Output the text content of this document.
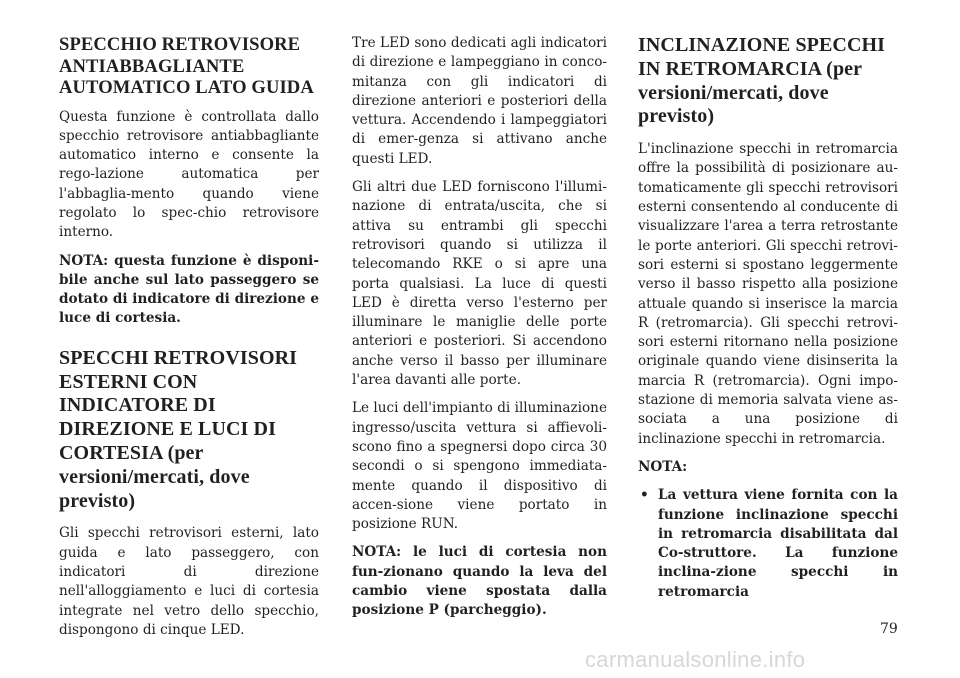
SPECCHIO RETROVISORE ANTIABBAGLIANTE AUTOMATICO LATO GUIDA

Questa funzione è controllata dallo specchio retrovisore antiabbagliante automatico interno e consente la rego-lazione automatica per l'abbaglia-mento quando viene regolato lo spec-chio retrovisore interno.

NOTA: questa funzione è disponi-bile anche sul lato passeggero se dotato di indicatore di direzione e luce di cortesia.

SPECCHI RETROVISORI ESTERNI CON INDICATORE DI DIREZIONE E LUCI DI CORTESIA (per versioni/mercati, dove previsto)

Gli specchi retrovisori esterni, lato guida e lato passeggero, con indicatori di direzione nell'alloggiamento e luci di cortesia integrate nel vetro dello specchio, dispongono di cinque LED.

Tre LED sono dedicati agli indicatori di direzione e lampeggiano in conco-mitanza con gli indicatori di direzione anteriori e posteriori della vettura. Accendendo i lampeggiatori di emer-genza si attivano anche questi LED.

Gli altri due LED forniscono l'illumi-nazione di entrata/uscita, che si attiva su entrambi gli specchi retrovisori quando si utilizza il telecomando RKE o si apre una porta qualsiasi. La luce di questi LED è diretta verso l'esterno per illuminare le maniglie delle porte anteriori e posteriori. Si accendono anche verso il basso per illuminare l'area davanti alle porte.

Le luci dell'impianto di illuminazione ingresso/uscita vettura si affievoli-scono fino a spegnersi dopo circa 30 secondi o si spengono immediata-mente quando il dispositivo di accen-sione viene portato in posizione RUN.

NOTA: le luci di cortesia non fun-zionano quando la leva del cambio viene spostata dalla posizione P (parcheggio).

INCLINAZIONE SPECCHI IN RETROMARCIA (per versioni/mercati, dove previsto)

L'inclinazione specchi in retromarcia offre la possibilità di posizionare au-tomaticamente gli specchi retrovisori esterni consentendo al conducente di visualizzare l'area a terra retrostante le porte anteriori. Gli specchi retrovi-sori esterni si spostano leggermente verso il basso rispetto alla posizione attuale quando si inserisce la marcia R (retromarcia). Gli specchi retrovi-sori esterni ritornano nella posizione originale quando viene disinserita la marcia R (retromarcia). Ogni impo-stazione di memoria salvata viene as-sociata a una posizione di inclinazione specchi in retromarcia.

NOTA:

• La vettura viene fornita con la funzione inclinazione specchi in retromarcia disabilitata dal Co-struttore. La funzione inclina-zione specchi in retromarcia
79
carmanualsonline.info
